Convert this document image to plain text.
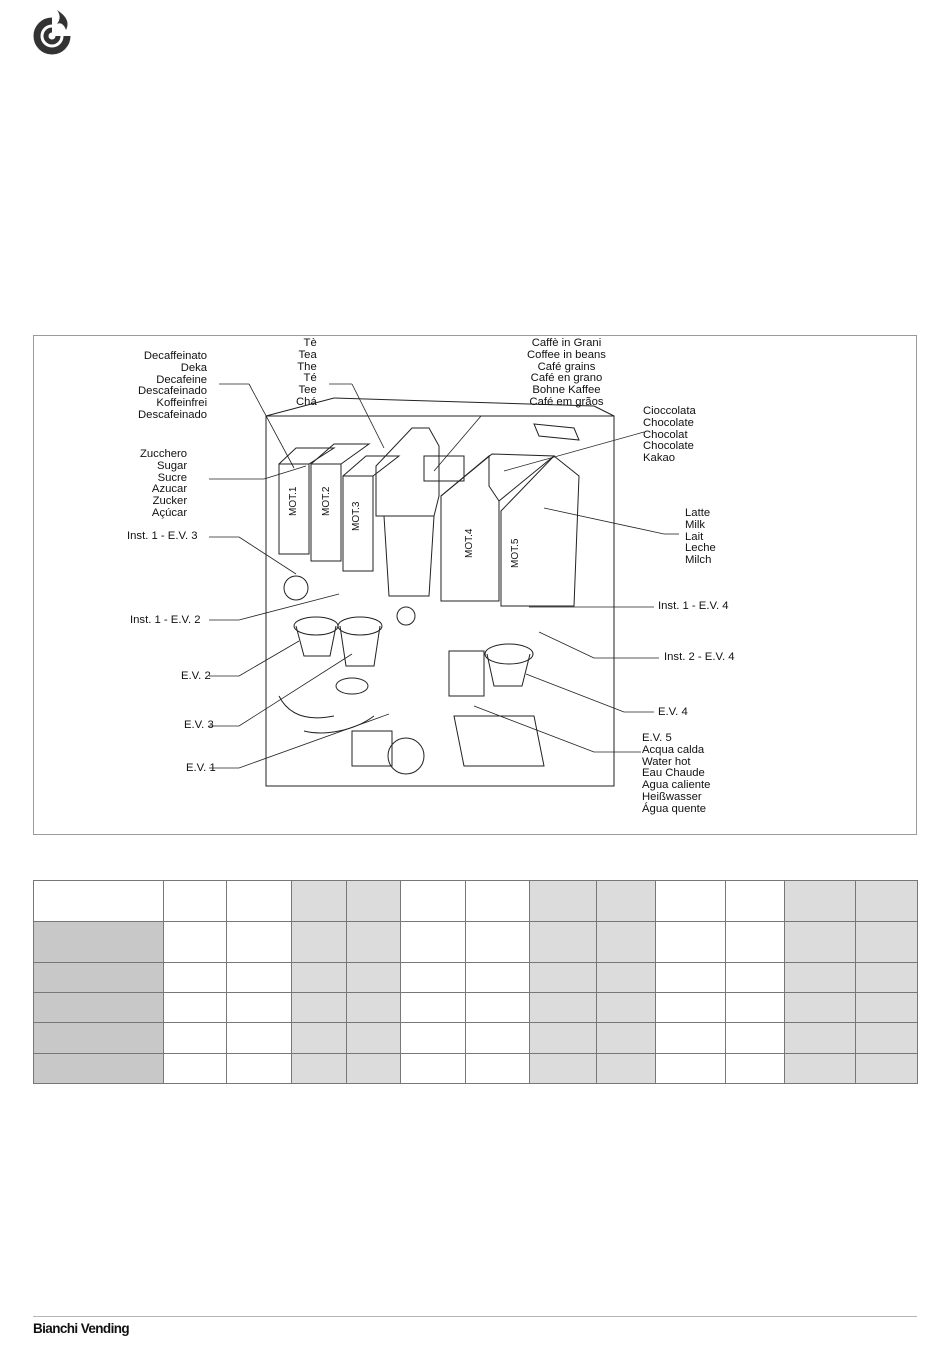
MOT.1 MOT.2
MOT.3
MOT.4	MOT.5
Decaffeinato
Deka
Decafeine
Descafeinado
Koffeinfrei
Descafeinado
Tè
Tea
The
Té
Tee
Chá
Caffè in Grani
Coffee in beans
Café grains
Café en grano
Bohne Kaffee
Café em grãos
Cioccolata
Chocolate
Chocolat
Chocolate
Kakao
Zucchero
Sugar
Sucre
Azucar
Zucker
Açúcar	Latte
Milk
Lait
Leche
Milch
Inst. 1 - E.V. 3
Inst. 1 - E.V. 2
E.V. 2
E.V. 3
E.V. 1
Inst. 1 - E.V. 4
Inst. 2 - E.V. 4
E.V. 4
E.V. 5
Acqua calda
Water hot
Eau Chaude
Agua caliente
Heißwasser
Água quente

Bianchi Vending
